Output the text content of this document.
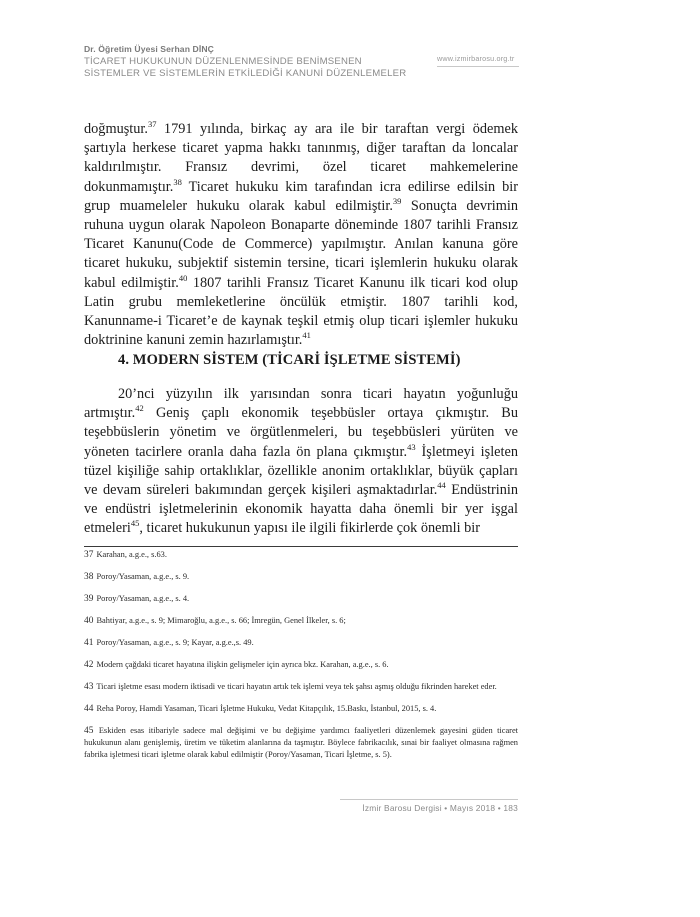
Dr. Öğretim Üyesi Serhan DİNÇ
TİCARET HUKUKUNUN DÜZENLENMESİNDE BENİMSENEN
SİSTEMLER VE SİSTEMLERİN ETKİLEDİĞİ KANUNİ DÜZENLEMELER
www.izmirbarosu.org.tr
doğmuştur.$^{37}$ 1791 yılında, birkaç ay ara ile bir taraftan vergi ödemek şartıyla herkese ticaret yapma hakkı tanınmış, diğer taraftan da loncalar kaldırılmıştır. Fransız devrimi, özel ticaret mahkemelerine dokunmamıştır.$^{38}$ Ticaret hukuku kim tarafından icra edilirse edilsin bir grup muameleler hukuku olarak kabul edilmiştir.$^{39}$ Sonuçta devrimin ruhuna uygun olarak Napoleon Bonaparte döneminde 1807 tarihli Fransız Ticaret Kanunu(Code de Commerce) yapılmıştır. Anılan kanuna göre ticaret hukuku, subjektif sistemin tersine, ticari işlemlerin hukuku olarak kabul edilmiştir.$^{40}$ 1807 tarihli Fransız Ticaret Kanunu ilk ticari kod olup Latin grubu memleketlerine öncülük etmiştir. 1807 tarihli kod, Kanunname-i Ticaret’e de kaynak teşkil etmiş olup ticari işlemler hukuku doktrinine kanuni zemin hazırlamıştır.$^{41}$
4. MODERN SİSTEM (TİCARİ İŞLETME SİSTEMİ)
20’nci yüzyılın ilk yarısından sonra ticari hayatın yoğunluğu artmıştır.$^{42}$ Geniş çaplı ekonomik teşebbüsler ortaya çıkmıştır. Bu teşebbüslerin yönetim ve örgütlenmeleri, bu teşebbüsleri yürüten ve yöneten tacirlere oranla daha fazla ön plana çıkmıştır.$^{43}$ İşletmeyi işleten tüzel kişiliğe sahip ortaklıklar, özellikle anonim ortaklıklar, büyük çapları ve devam süreleri bakımından gerçek kişileri aşmaktadırlar.$^{44}$ Endüstrinin ve endüstri işletmelerinin ekonomik hayatta daha önemli bir yer işgal etmeleri$^{45}$, ticaret hukukunun yapısı ile ilgili fikirlerde çok önemli bir
37 Karahan, a.g.e., s.63.
38 Poroy/Yasaman, a.g.e., s. 9.
39 Poroy/Yasaman, a.g.e., s. 4.
40 Bahtiyar, a.g.e., s. 9; Mimaroğlu, a.g.e., s. 66; İmregün, Genel İlkeler, s. 6;
41 Poroy/Yasaman, a.g.e., s. 9; Kayar, a.g.e.,s. 49.
42 Modern çağdaki ticaret hayatına ilişkin gelişmeler için ayrıca bkz. Karahan, a.g.e., s. 6.
43 Ticari işletme esası modern iktisadi ve ticari hayatın artık tek işlemi veya tek şahsı aşmış olduğu fikrinden hareket eder.
44 Reha Poroy, Hamdi Yasaman, Ticari İşletme Hukuku, Vedat Kitapçılık, 15.Baskı, İstanbul, 2015, s. 4.
45 Eskiden esas itibariyle sadece mal değişimi ve bu değişime yardımcı faaliyetleri düzenlemek gayesini güden ticaret hukukunun alanı genişlemiş, üretim ve tüketim alanlarına da taşmıştır. Böylece fabrikacılık, sınai bir faaliyet olmasına rağmen fabrika işletmesi ticari işletme olarak kabul edilmiştir (Poroy/Yasaman, Ticari İşletme, s. 5).
İzmir Barosu Dergisi • Mayıs 2018 • 183
